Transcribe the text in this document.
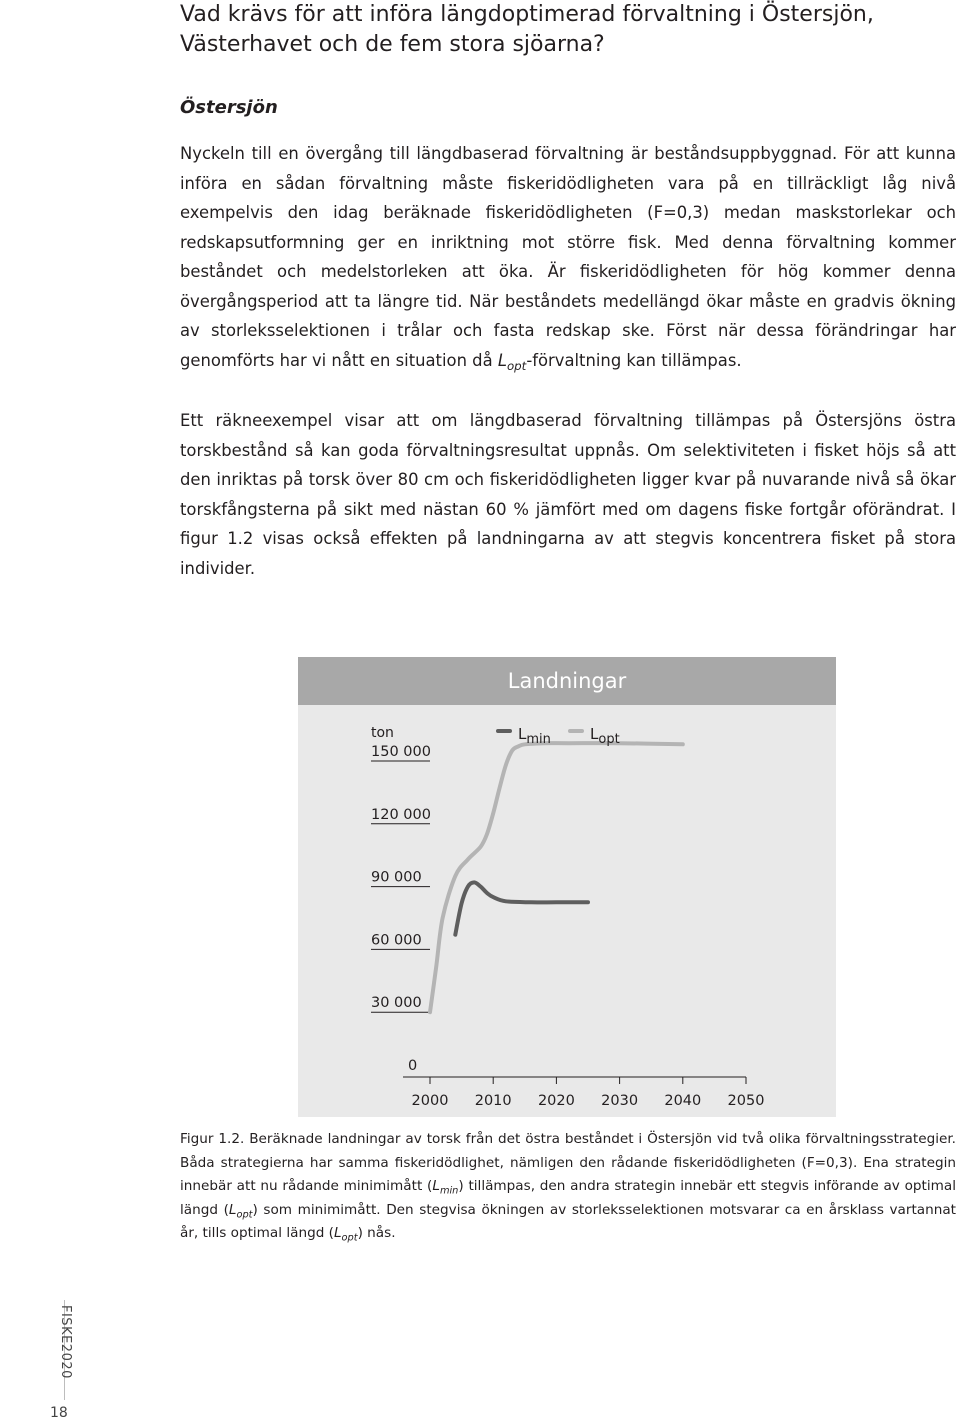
Vad krävs för att införa längdoptimerad förvaltning i Östersjön, Västerhavet och de fem stora sjöarna?
Östersjön

Nyckeln till en övergång till längdbaserad förvaltning är beståndsuppbyggnad. För att kunna införa en sådan förvaltning måste fiskeridödligheten vara på en tillräckligt låg nivå exempelvis den idag beräknade fiskeridödligheten (F=0,3) medan maskstorlekar och redskapsutformning ger en inriktning mot större fisk. Med denna förvaltning kommer beståndet och medelstorleken att öka. Är fiskeridödligheten för hög kommer denna övergångsperiod att ta längre tid. När beståndets medellängd ökar måste en gradvis ökning av storleksselektionen i trålar och fasta redskap ske. Först när dessa förändringar har genomförts har vi nått en situation då $L_{opt}$-förvaltning kan tillämpas.

Ett räkneexempel visar att om längdbaserad förvaltning tillämpas på Östersjöns östra torskbestånd så kan goda förvaltningsresultat uppnås. Om selektiviteten i fisket höjs så att den inriktas på torsk över 80 cm och fiskeridödligheten ligger kvar på nuvarande nivå så ökar torskfångsterna på sikt med nästan 60 % jämfört med om dagens fiske fortgår oförändrat. I figur 1.2 visas också effekten på landningarna av att stegvis koncentrera fisket på stora individer.

Landningar
ton
150 000
120 000
90 000
60 000
30 000
0
2000 2010 2020 2030 2040 2050
Lmin	Lopt

Figur 1.2. Beräknade landningar av torsk från det östra beståndet i Östersjön vid två olika förvaltningsstrategier. Båda strategierna har samma fiskeridödlighet, nämligen den rådande fiskeridödligheten (F=0,3). Ena strategin innebär att nu rådande minimimått $(L_{min})$ tillämpas, den andra strategin innebär ett stegvis införande av optimal längd $(L_{opt})$ som minimimått. Den stegvisa ökningen av storleksselektionen motsvarar ca en årsklass vartannat år, tills optimal längd $(L_{opt})$ nås.

FISKE2020
18
